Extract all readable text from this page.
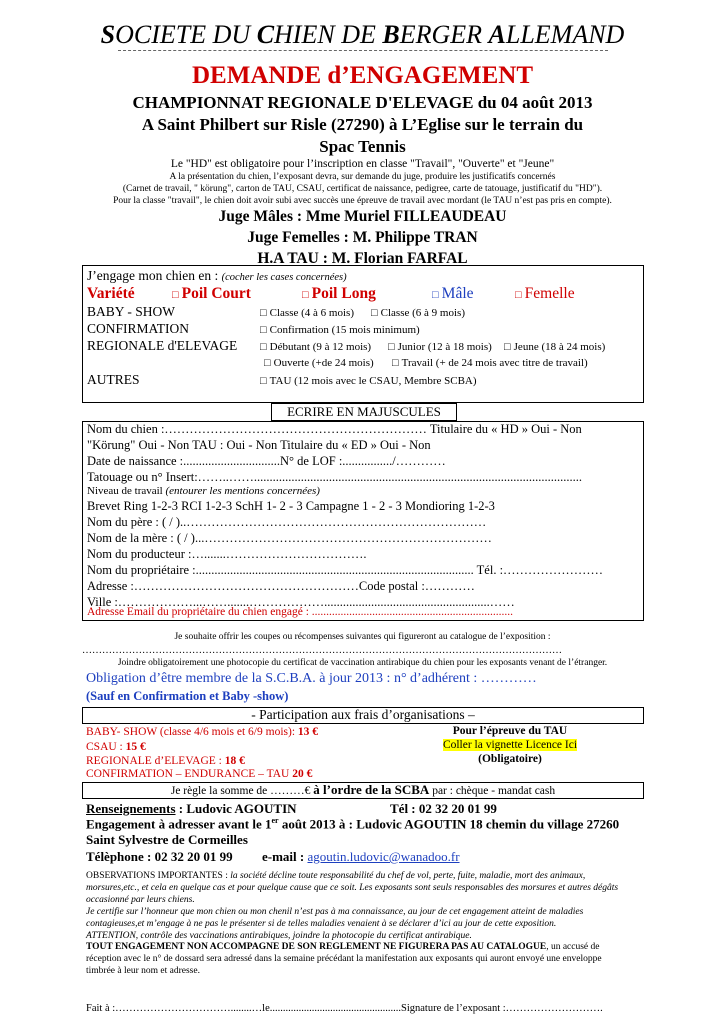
SOCIETE DU CHIEN DE BERGER ALLEMAND
DEMANDE d’ENGAGEMENT
CHAMPIONNAT REGIONALE D'ELEVAGE du 04 août 2013
A Saint Philbert sur Risle (27290) à L’Eglise sur le terrain du
Spac Tennis
Le "HD" est obligatoire pour l’inscription en classe "Travail", "Ouverte" et "Jeune"
A la présentation du chien, l’exposant devra, sur demande du juge, produire les justificatifs concernés
(Carnet de travail, " körung", carton de TAU, CSAU, certificat de naissance, pedigree, carte de tatouage, justificatif du "HD").
Pour la classe "travail", le chien doit avoir subi avec succès une épreuve de travail avec mordant (le TAU n’est pas pris en compte).
Juge Mâles : Mme Muriel FILLEAUDEAU
Juge Femelles : M. Philippe TRAN
H.A TAU : M. Florian FARFAL
J’engage mon chien en : (cocher les cases concernées)
Variété	□ Poil Court	□ Poil Long	□ Mâle	□ Femelle
BABY - SHOW	□ Classe (4 à 6 mois)	□ Classe (6 à 9 mois)
CONFIRMATION	□ Confirmation (15 mois minimum)
REGIONALE d'ELEVAGE	□ Débutant (9 à 12 mois)	□ Junior (12 à 18 mois)	□ Jeune (18 à 24 mois)
□ Ouverte (+de 24 mois)	□ Travail (+ de 24 mois avec titre de travail)
AUTRES	□ TAU (12 mois avec le CSAU, Membre SCBA)
ECRIRE EN MAJUSCULES
Nom du chien :……………………………………………………… Titulaire du « HD » Oui - Non
"Körung" Oui - Non TAU : Oui - Non Titulaire du « ED » Oui - Non
Date de naissance :...............................N° de LOF :................/…………
Tatouage ou n° Insert:……..…….........................................................................................................
Niveau de travail (entourer les mentions concernées)
Brevet Ring 1-2-3 RCI 1-2-3 SchH 1- 2 - 3 Campagne 1 - 2 - 3 Mondioring 1-2-3
Nom du père : ( / )..………………………………………………………………
Nom de la mère : ( / )...……………………………………………………………
Nom du producteur :….......…………………………….
Nom du propriétaire :......................................................................................... Tél. :……………………
Adresse :………………………………………………Code postal :…………
Ville :………………...…….......……………….....................................................……
Adresse Email du propriétaire du chien engagé : ......................................................................
Je souhaite offrir les coupes ou récompenses suivantes qui figureront au catalogue de l’exposition :
………………………………………………………………………………………………………………………………
Joindre obligatoirement une photocopie du certificat de vaccination antirabique du chien pour les exposants venant de l’étranger.
Obligation d’être membre de la S.C.B.A. à jour 2013 : n° d’adhérent : …………
(Sauf en Confirmation et Baby -show)
- Participation aux frais d’organisations –
BABY- SHOW (classe 4/6 mois et 6/9 mois): 13 €
CSAU : 15 €
REGIONALE d’ELEVAGE : 18 €
CONFIRMATION – ENDURANCE – TAU 20 €
Pour l’épreuve du TAU
Coller la vignette Licence Ici
(Obligatoire)
Je règle la somme de ………€ à l’ordre de la SCBA par : chèque - mandat cash
Renseignements : Ludovic AGOUTIN	Tél : 02 32 20 01 99
Engagement à adresser avant le 1er août 2013 à : Ludovic AGOUTIN 18 chemin du village 27260
Saint Sylvestre de Cormeilles
Télèphone : 02 32 20 01 99 e-mail : agoutin.ludovic@wanadoo.fr
OBSERVATIONS IMPORTANTES : la société décline toute responsabilité du chef de vol, perte, fuite, maladie, mort des animaux,
morsures,etc., et cela en quelque cas et pour quelque cause que ce soit. Les exposants sont seuls responsables des morsures et autres dégâts
occasionné par leurs chiens.
Je certifie sur l’honneur que mon chien ou mon chenil n’est pas à ma connaissance, au jour de cet engagement atteint de maladies
contagieuses,et m’engage à ne pas le présenter si de telles maladies venaient à se déclarer d’ici au jour de cette exposition.
ATTENTION, contrôle des vaccinations antirabiques, joindre la photocopie du certificat antirabique.
TOUT ENGAGEMENT NON ACCOMPAGNE DE SON REGLEMENT NE FIGURERA PAS AU CATALOGUE, un accusé de
réception avec le n° de dossard sera adressé dans la semaine précédant la manifestation aux exposants qui auront envoyé une enveloppe
timbrée à leur nom et adresse.
Fait à :……………………………........…le..................................................Signature de l’exposant :……………………….
